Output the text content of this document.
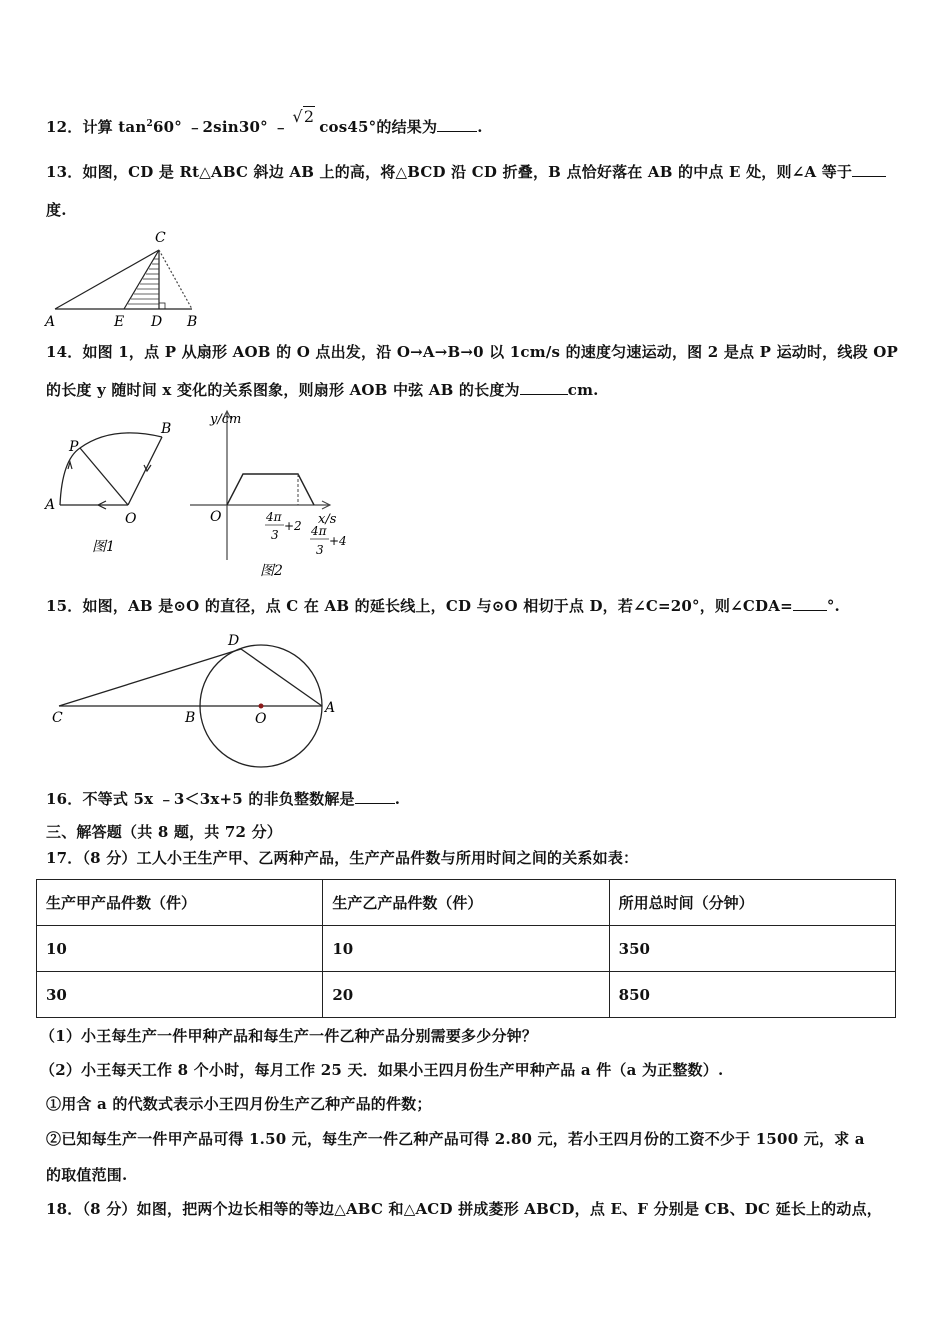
12．计算 $\tan^260^\circ$ ﹣2sin30° ﹣√2cos45°的结果为	.
13．如图，CD 是 Rt△ABC 斜边 AB 上的高，将△BCD 沿 CD 折叠，B 点恰好落在 AB 的中点 E 处，则∠A 等于
度.
C
A	E D B
14．如图 1，点 P 从扇形 AOB 的 O 点出发，沿 O→A→B→0 以 1cm/s 的速度匀速运动，图 2 是点 P 运动时，线段 OP
的长度 y 随时间 x 变化的关系图象，则扇形 AOB 中弦 AB 的长度为	cm.
A
O
P
B
图1
y/cm
O	x/s
4π
3
+2 4π
3
+4
图2
15．如图，AB 是⊙O 的直径，点 C 在 AB 的延长线上，CD 与⊙O 相切于点 D，若∠C=20°，则∠CDA= °.
D
C	B	O
A
16．不等式 5x ﹣3＜3x+5 的非负整数解是	.
三、解答题（共 8 题，共 72 分）
17．（8 分）工人小王生产甲、乙两种产品，生产产品件数与所用时间之间的关系如表：
生产甲产品件数（件）	生产乙产品件数（件）	所用总时间（分钟）
10	10	350
30	20	850
（1）小王每生产一件甲种产品和每生产一件乙种产品分别需要多少分钟？
（2）小王每天工作 8 个小时，每月工作 25 天．如果小王四月份生产甲种产品 a 件（a 为正整数）.
①用含 a 的代数式表示小王四月份生产乙种产品的件数；
②已知每生产一件甲产品可得 1.50 元，每生产一件乙种产品可得 2.80 元，若小王四月份的工资不少于 1500 元，求 a
的取值范围.
18．（8 分）如图，把两个边长相等的等边△ABC 和△ACD 拼成菱形 ABCD，点 E、F 分别是 CB、DC 延长上的动点，
